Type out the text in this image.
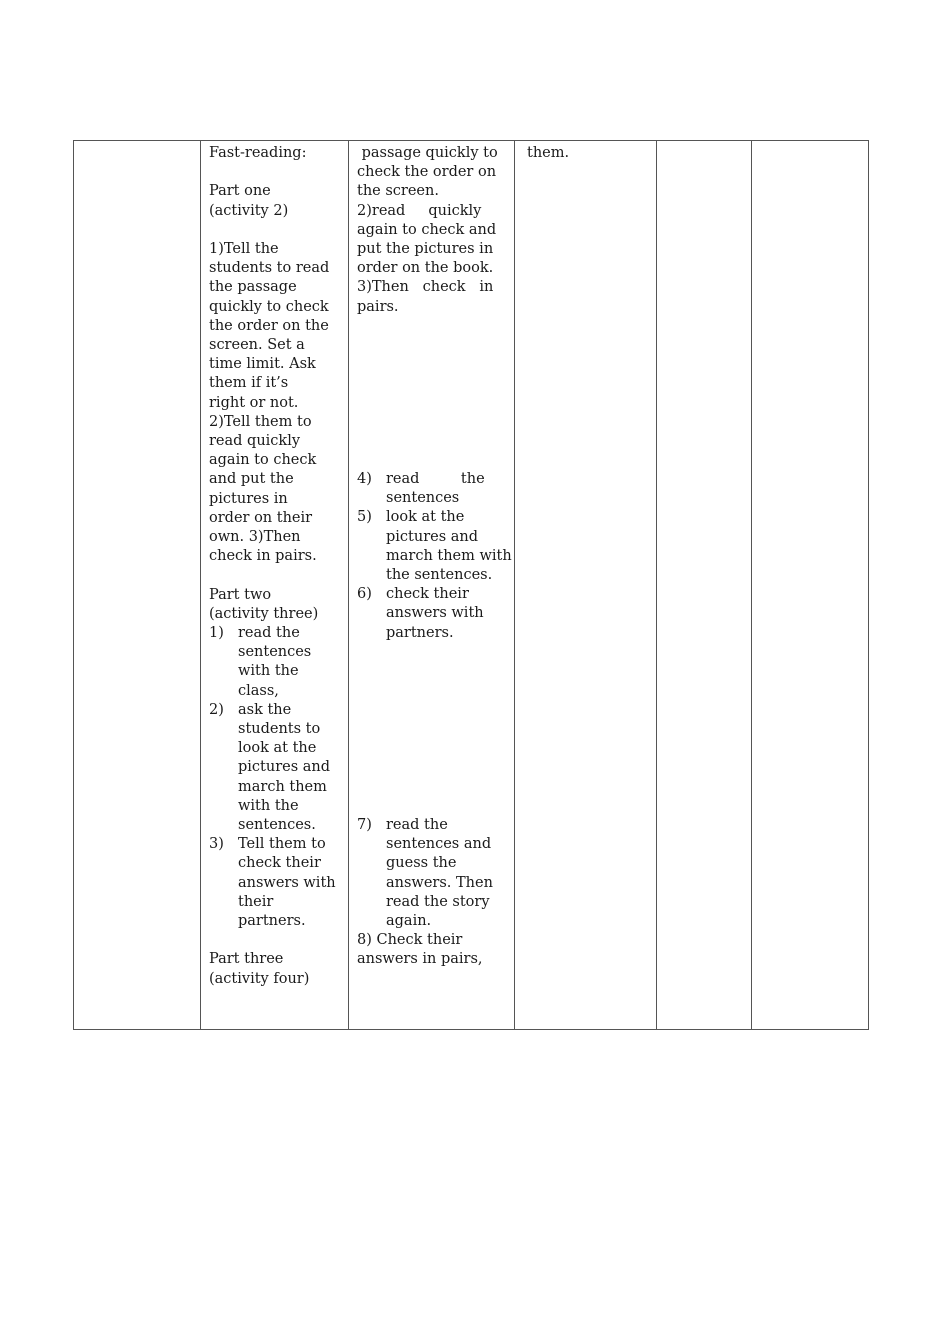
Fast-reading:
Part one
(activity 2)
1)Tell the
students to read
the passage
quickly to check
the order on the
screen. Set a
time limit. Ask
them if it’s
right or not.
2)Tell them to
read quickly
again to check
and put the
pictures in
order on their
own. 3)Then
check in pairs.
Part two
(activity three)
1) read the
sentences
with the
class,
2) ask the
students to
look at the
pictures and
march them
with the
sentences.
3) Tell them to
check their
answers with
their
partners.
Part three
(activity four)
passage quickly to
check the order on
the screen.
2)read     quickly
again to check and
put the pictures in
order on the book.
3)Then   check   in
pairs.
4) read         the
sentences
5) look at the
pictures and
march them with
the sentences.
6) check their
answers with
partners.
7) read the
sentences and
guess the
answers. Then
read the story
again.
8) Check their
answers in pairs,
them.
